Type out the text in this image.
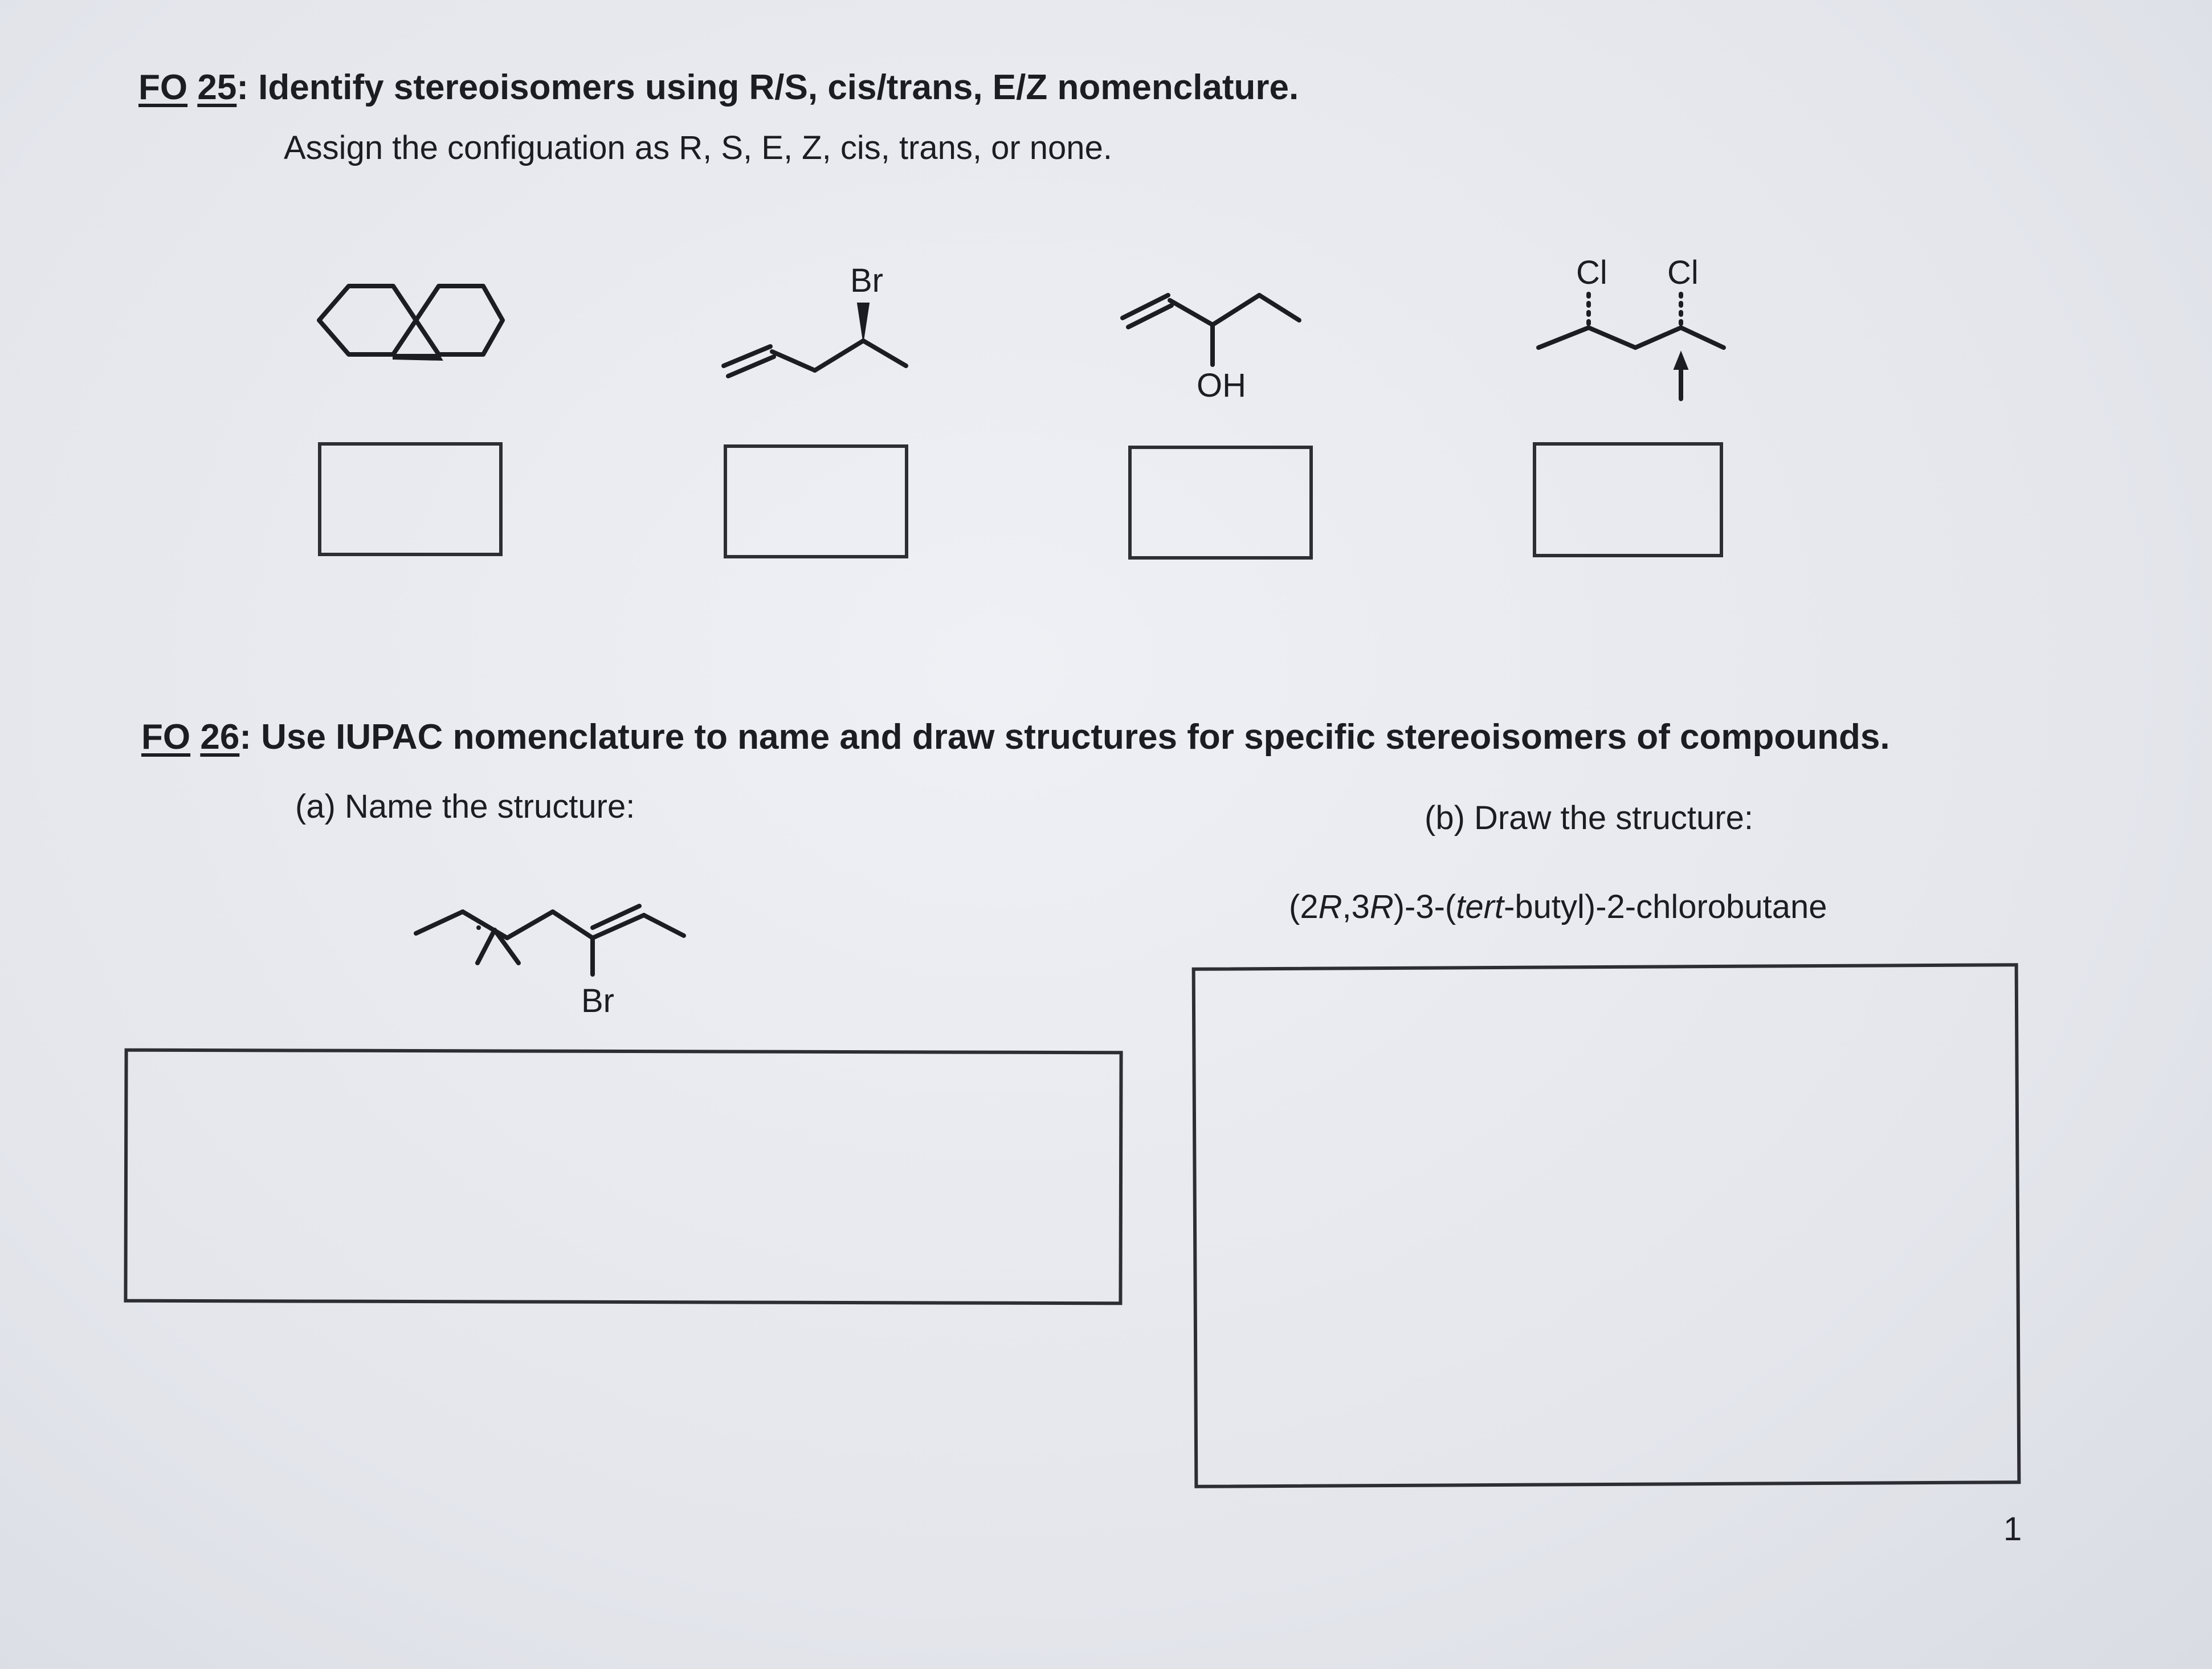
FO 25: Identify stereoisomers using R/S, cis/trans, E/Z nomenclature.
Assign the configuation as R, S, E, Z, cis, trans, or none.
Br
OH
Cl Cl
FO 26: Use IUPAC nomenclature to name and draw structures for specific stereoisomers of compounds.
(a) Name the structure:	(b) Draw the structure:
(2R,3R)-3-(tert-butyl)-2-chlorobutane
Br
1
